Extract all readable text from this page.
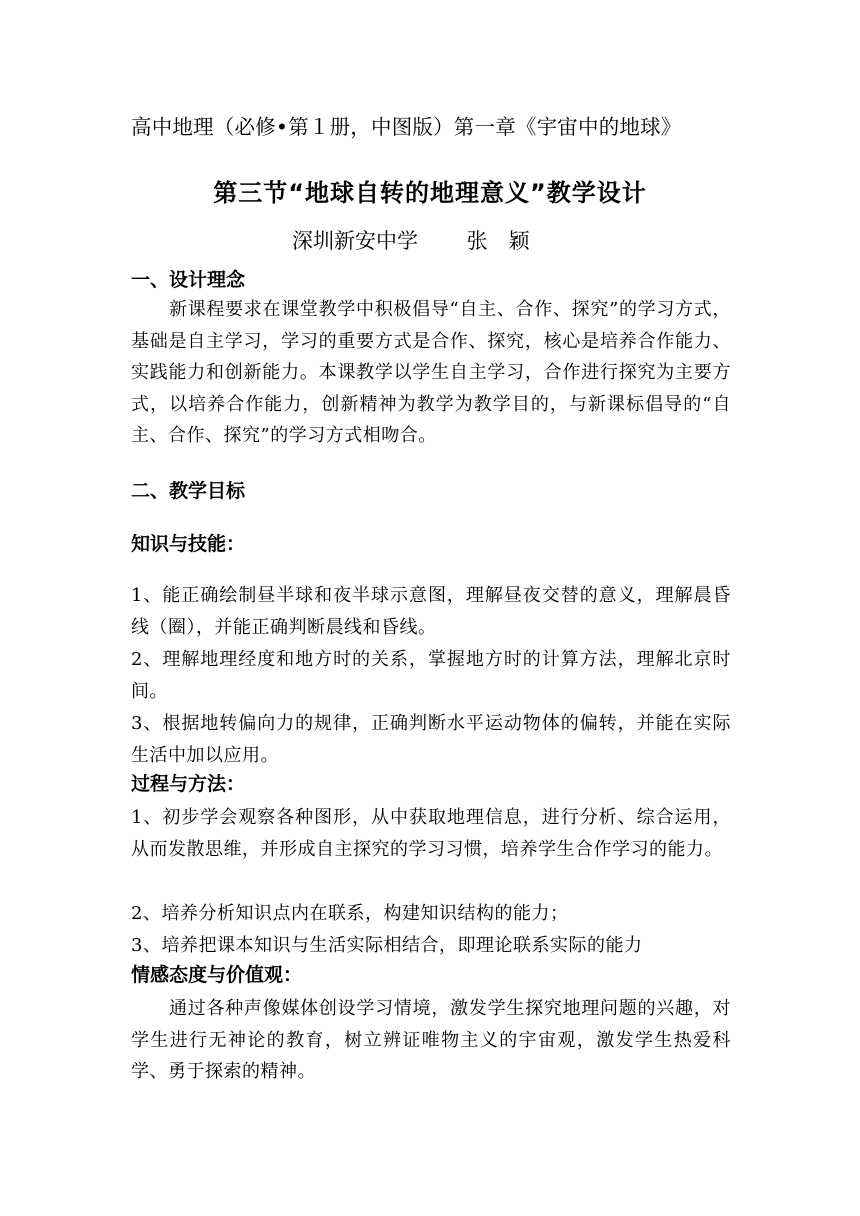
高中地理（必修•第１册，中图版）第一章《宇宙中的地球》
第三节“地球自转的地理意义”教学设计
深圳新安中学 　　张　颖
一、设计理念
新课程要求在课堂教学中积极倡导“自主、合作、探究”的学习方式，基础是自主学习，学习的重要方式是合作、探究，核心是培养合作能力、实践能力和创新能力。本课教学以学生自主学习，合作进行探究为主要方式，以培养合作能力，创新精神为教学为教学目的，与新课标倡导的“自主、合作、探究”的学习方式相吻合。
二、教学目标
知识与技能：
1、能正确绘制昼半球和夜半球示意图，理解昼夜交替的意义，理解晨昏线（圈），并能正确判断晨线和昏线。
2、理解地理经度和地方时的关系，掌握地方时的计算方法，理解北京时间。
3、根据地转偏向力的规律，正确判断水平运动物体的偏转，并能在实际生活中加以应用。
过程与方法：
1、初步学会观察各种图形，从中获取地理信息，进行分析、综合运用，从而发散思维，并形成自主探究的学习习惯，培养学生合作学习的能力。
2、培养分析知识点内在联系，构建知识结构的能力；
3、培养把课本知识与生活实际相结合，即理论联系实际的能力
情感态度与价值观：
通过各种声像媒体创设学习情境，激发学生探究地理问题的兴趣，对学生进行无神论的教育，树立辨证唯物主义的宇宙观，激发学生热爱科学、勇于探索的精神。
